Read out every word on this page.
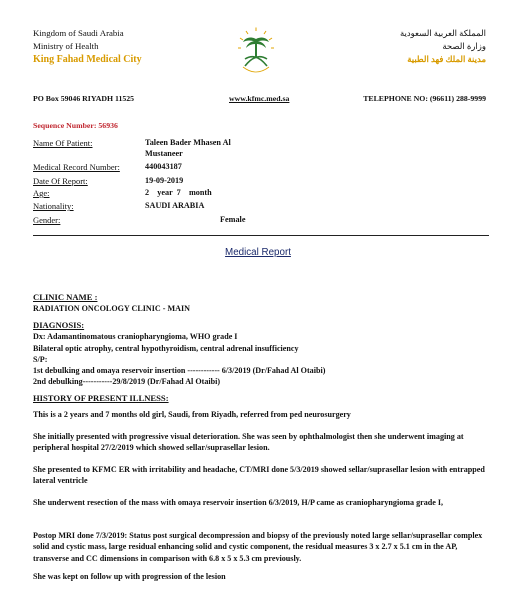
Kingdom of Saudi Arabia
Ministry of Health
King Fahad Medical City
المملكة العربية السعودية
وزارة الصحة
مدينة الملك فهد الطبية
PO Box 59046 RIYADH 11525	www.kfmc.med.sa	TELEPHONE NO: (96611) 288-9999
Sequence Number: 56936
Name Of Patient:	Taleen Bader Mhasen Al
Mustaneer
Medical Record Number:	440043187
Date Of Report:	19-09-2019
Age:	2    year  7    month
Nationality:	SAUDI ARABIA
Gender:	Female
Medical Report
CLINIC NAME :
RADIATION ONCOLOGY CLINIC - MAIN
DIAGNOSIS:
Dx: Adamantinomatous craniopharyngioma, WHO grade I
Bilateral optic atrophy, central hypothyroidism, central adrenal insufficiency
S/P:
1st debulking and omaya reservoir insertion ------------ 6/3/2019 (Dr/Fahad Al Otaibi)
2nd debulking-----------29/8/2019 (Dr/Fahad Al Otaibi)
HISTORY OF PRESENT ILLNESS:
This is a 2 years and 7 months old girl, Saudi, from Riyadh, referred from ped neurosurgery
She initially presented with progressive visual deterioration. She was seen by ophthalmologist then she underwent imaging at peripheral hospital 27/2/2019 which showed sellar/suprasellar lesion.
She presented to KFMC ER with irritability and headache, CT/MRI done 5/3/2019 showed sellar/suprasellar lesion with entrapped lateral ventricle
She underwent resection of the mass with omaya reservoir insertion 6/3/2019, H/P came as craniopharyngioma grade I,
Postop MRI done 7/3/2019: Status post surgical decompression and biopsy of the previously noted large sellar/suprasellar complex solid and cystic mass, large residual enhancing solid and cystic component, the residual measures 3 x 2.7 x 5.1 cm in the AP, transverse and CC dimensions in comparison with 6.8 x 5 x 5.3 cm previously.
She was kept on follow up with progression of the lesion
